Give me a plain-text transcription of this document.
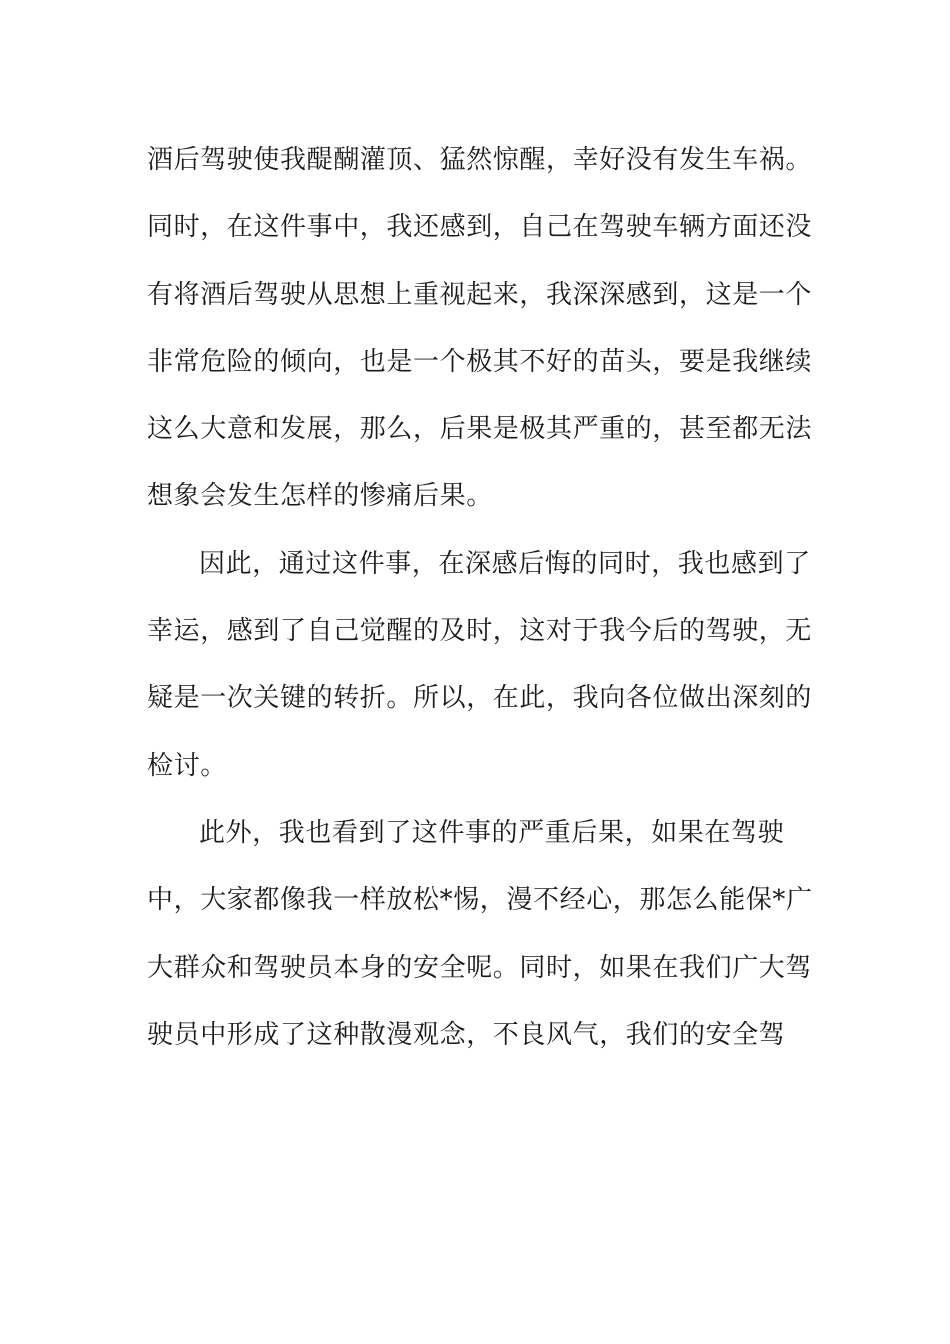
酒后驾驶使我醍醐灌顶、猛然惊醒，幸好没有发生车祸。
同时，在这件事中，我还感到，自己在驾驶车辆方面还没
有将酒后驾驶从思想上重视起来，我深深感到，这是一个
非常危险的倾向，也是一个极其不好的苗头，要是我继续
这么大意和发展，那么，后果是极其严重的，甚至都无法
想象会发生怎样的惨痛后果。
因此，通过这件事，在深感后悔的同时，我也感到了
幸运，感到了自己觉醒的及时，这对于我今后的驾驶，无
疑是一次关键的转折。所以，在此，我向各位做出深刻的
检讨。
此外，我也看到了这件事的严重后果，如果在驾驶
中，大家都像我一样放松*惕，漫不经心，那怎么能保*广
大群众和驾驶员本身的安全呢。同时，如果在我们广大驾
驶员中形成了这种散漫观念，不良风气，我们的安全驾
